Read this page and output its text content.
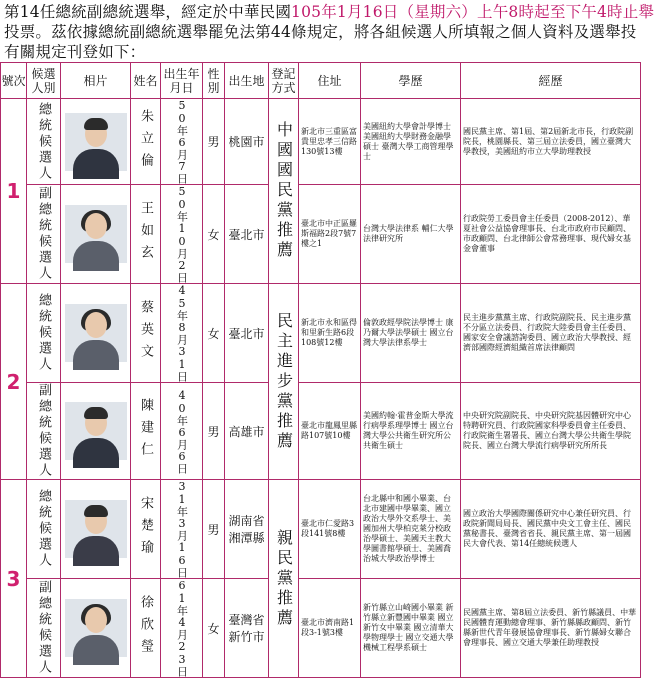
第14任總統副總統選舉，經定於中華民國105年1月16日（星期六）上午8時起至下午4時止舉
投票。茲依據總統副總統選舉罷免法第44條規定，將各組候選人所填報之個人資料及選舉投
有關規定刊登如下：
號次	候選人別	相片	姓名	出生年月日	性別	出生地	登記方式	住址	學歷	經歷
1	總統候選人		朱立倫	50年6月7日	男	桃園市	中國國民黨推薦	新北市三重區富貴里忠孝三信路130號13樓	美國紐約大學會計學博士 美國紐約大學財務金融學碩士 臺灣大學工商管理學士	國民黨主席、第1屆、第2屆新北市長，行政院副院長，桃園縣長、第三屆立法委員，國立臺灣大學教授，美國紐約市立大學助理教授

	副總統候選人		王如玄	50年10月2日	女	臺北市		臺北市中正區羅斯福路2段7號7樓之1	台灣大學法律系 輔仁大學法律研究所	行政院勞工委員會主任委員（2008-2012）、華夏社會公益協會理事長、台北市政府市民顧問、市政顧問、台北律師公會常務理事、現代婦女基金會董事
2	總統候選人		蔡英文	45年8月31日	女	臺北市	民主進步黨推薦	新北市永和區得和里新生路6段108號12樓	倫敦政經學院法學博士 康乃爾大學法學碩士 國立台灣大學法律系學士	民主進步黨黨主席、行政院副院長、民主進步黨不分區立法委員、行政院大陸委員會主任委員、國家安全會議諮詢委員、國立政治大學教授、經濟部國際經濟組織首席法律顧問

	副總統候選人		陳建仁	40年6月6日	男	高雄市		臺北市龍鳳里縣路107號10樓	美國約翰·霍普金斯大學流行病學系理學博士 國立台灣大學公共衛生研究所公共衛生碩士	中央研究院副院長、中央研究院基因體研究中心特聘研究員、行政院國家科學委員會主任委員、行政院衛生署署長、國立台灣大學公共衛生學院院長、國立台灣大學流行病學研究所所長
3	總統候選人		宋楚瑜	31年3月16日	男	湖南省湘潭縣	親民黨推薦	臺北市仁愛路3段141號8樓	台北縣中和國小畢業、台北市建國中學畢業、國立政治大學外交系學士、美國加州大學柏克萊分校政治學碩士、美國天主教大學圖書館學碩士、美國喬治城大學政治學博士	國立政治大學國際關係研究中心兼任研究員、行政院新聞局局長、國民黨中央文工會主任、國民黨秘書長、臺灣省省長、親民黨主席、第一屆國民大會代表、第14任總統候選人

	副總統候選人		徐欣瑩	61年4月23日	女	臺灣省新竹市		臺北市濟南路1段3-1號3樓	新竹縣立山崎國小畢業 新竹縣立新豐國中畢業 國立新竹女中畢業 國立清華大學物理學士 國立交通大學機械工程學系碩士	民國黨主席、第8屆立法委員、新竹縣議員、中華民國體育運動總會理事、新竹縣縣政顧問、新竹縣新世代青年發展協會理事長、新竹縣婦女聯合會理事長、國立交通大學兼任助理教授
